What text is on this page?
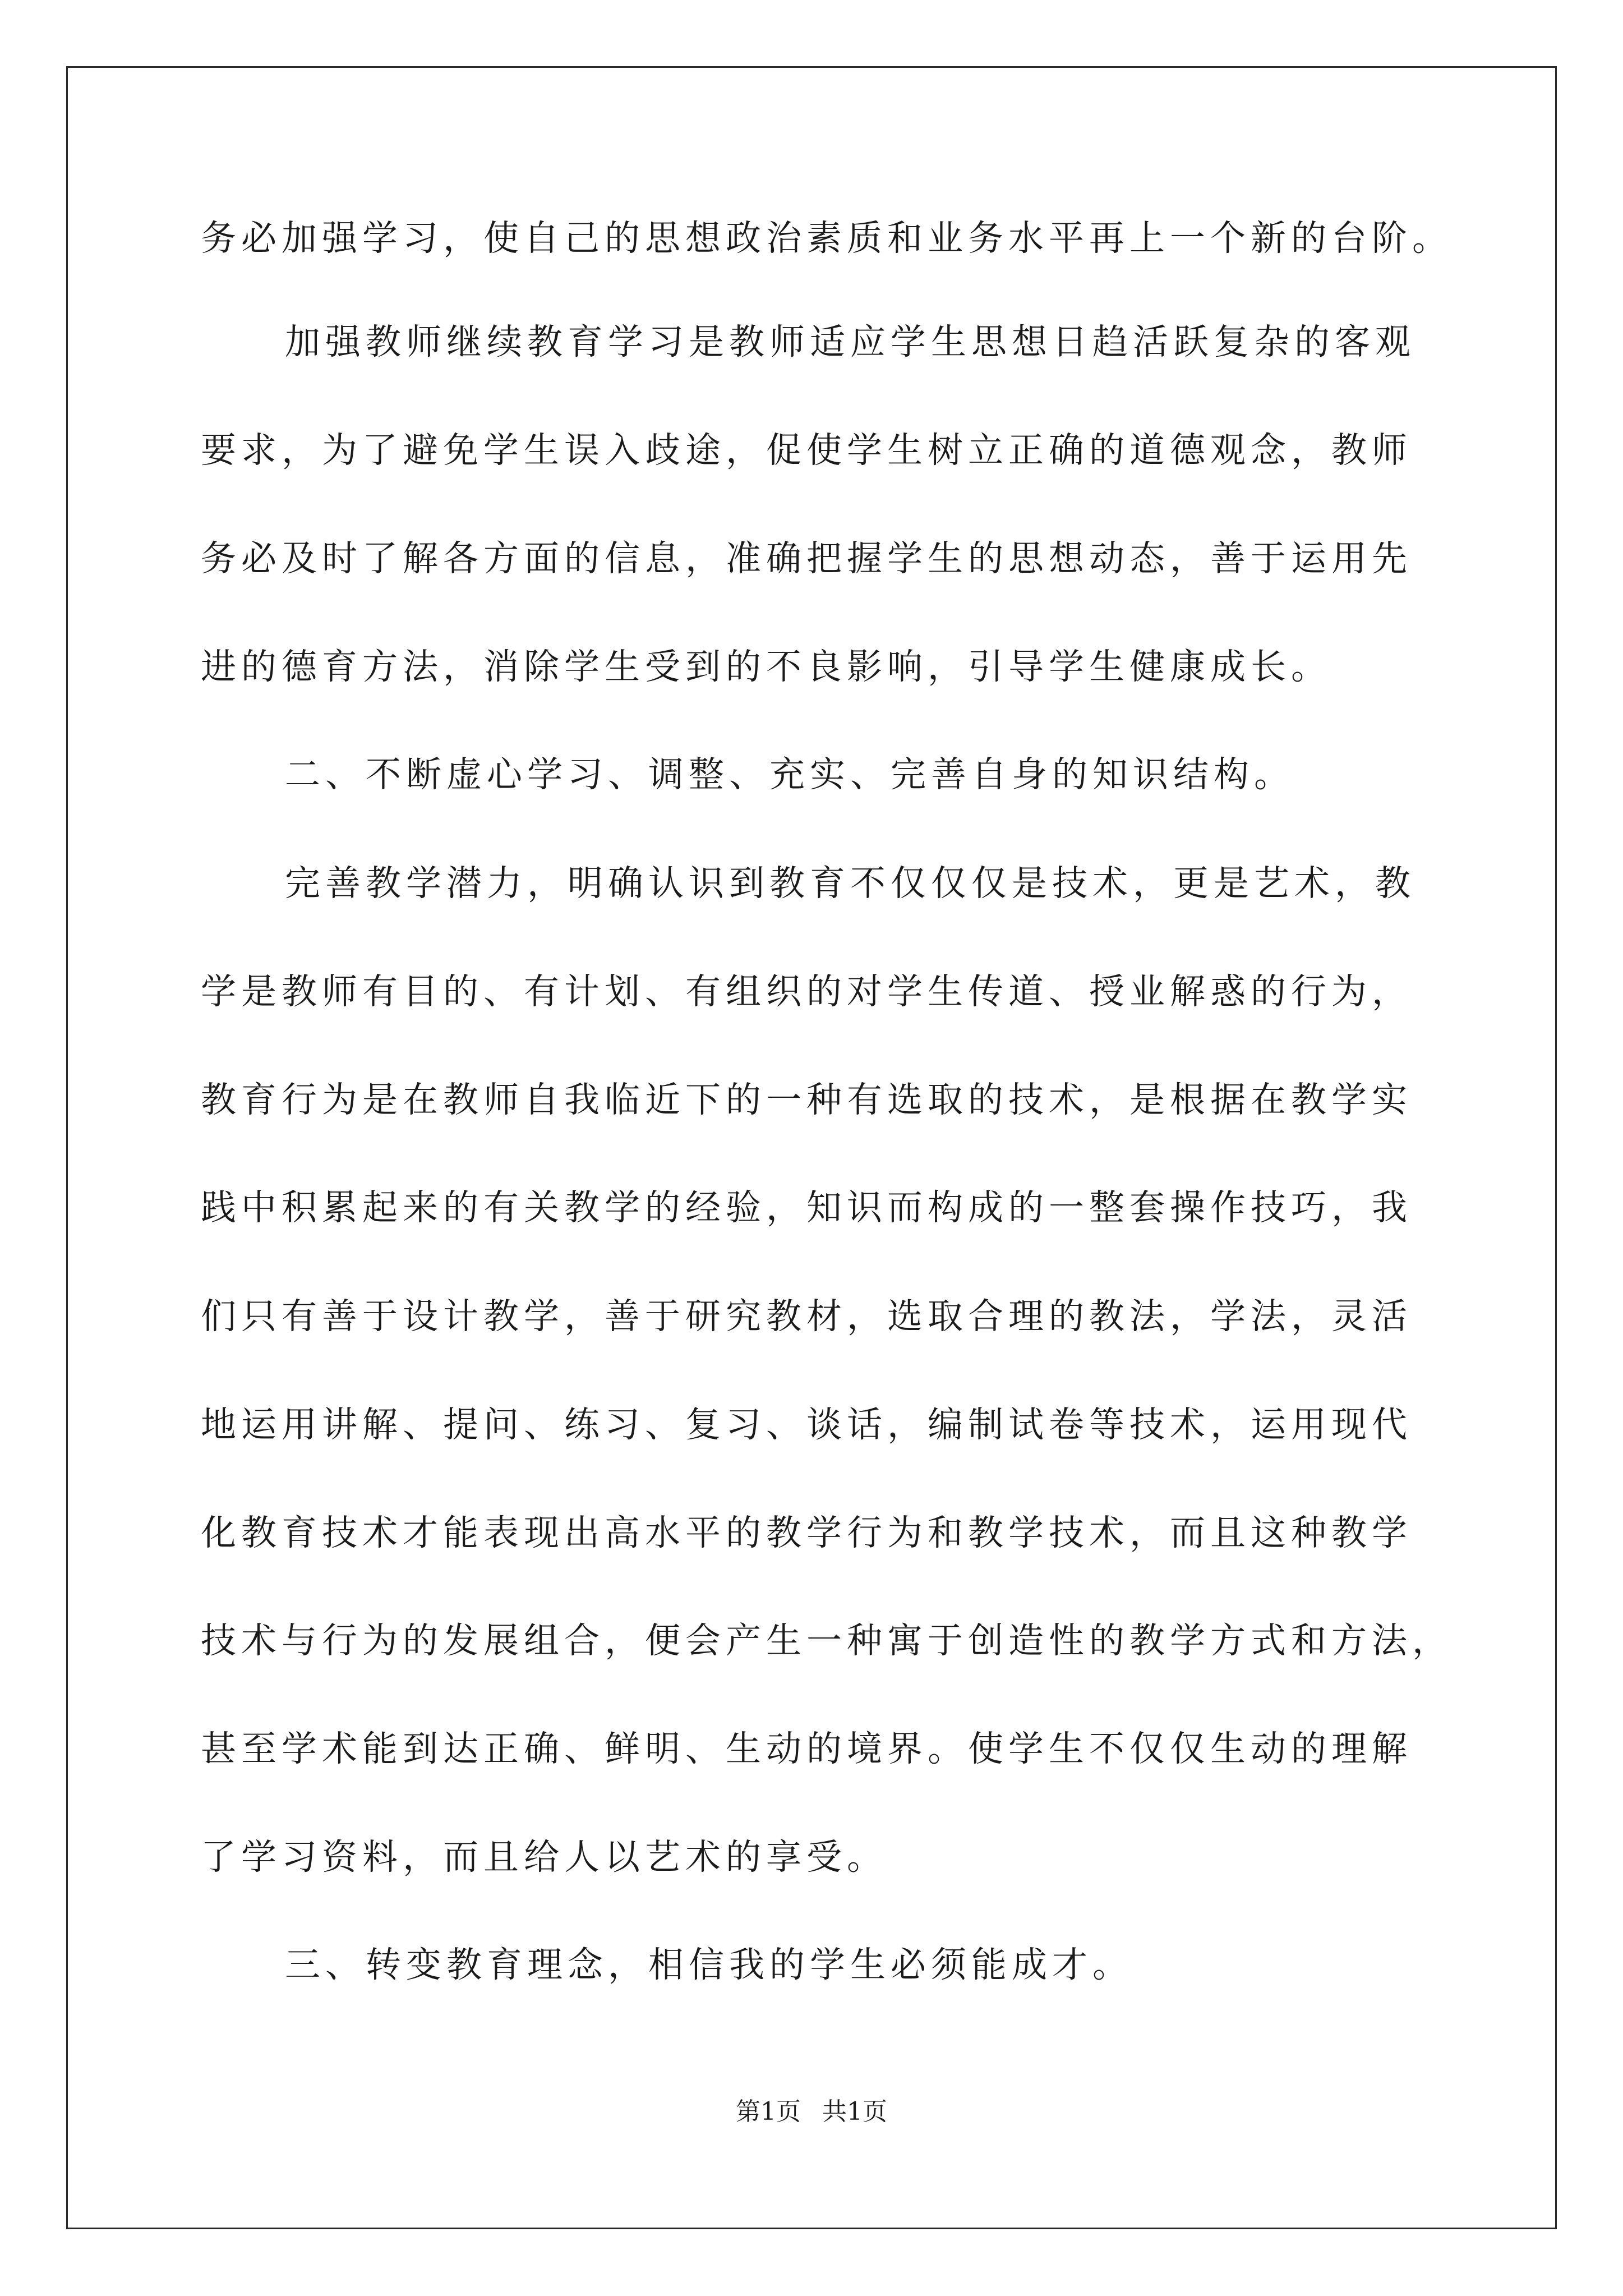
务必加强学习，使自己的思想政治素质和业务水平再上一个新的台阶。
加强教师继续教育学习是教师适应学生思想日趋活跃复杂的客观
要求，为了避免学生误入歧途，促使学生树立正确的道德观念，教师
务必及时了解各方面的信息，准确把握学生的思想动态，善于运用先
进的德育方法，消除学生受到的不良影响，引导学生健康成长。
二、不断虚心学习、调整、充实、完善自身的知识结构。
完善教学潜力，明确认识到教育不仅仅仅是技术，更是艺术，教
学是教师有目的、有计划、有组织的对学生传道、授业解惑的行为，
教育行为是在教师自我临近下的一种有选取的技术，是根据在教学实
践中积累起来的有关教学的经验，知识而构成的一整套操作技巧，我
们只有善于设计教学，善于研究教材，选取合理的教法，学法，灵活
地运用讲解、提问、练习、复习、谈话，编制试卷等技术，运用现代
化教育技术才能表现出高水平的教学行为和教学技术，而且这种教学
技术与行为的发展组合，便会产生一种寓于创造性的教学方式和方法，
甚至学术能到达正确、鲜明、生动的境界。使学生不仅仅生动的理解
了学习资料，而且给人以艺术的享受。
三、转变教育理念，相信我的学生必须能成才。
第1页 共1页
